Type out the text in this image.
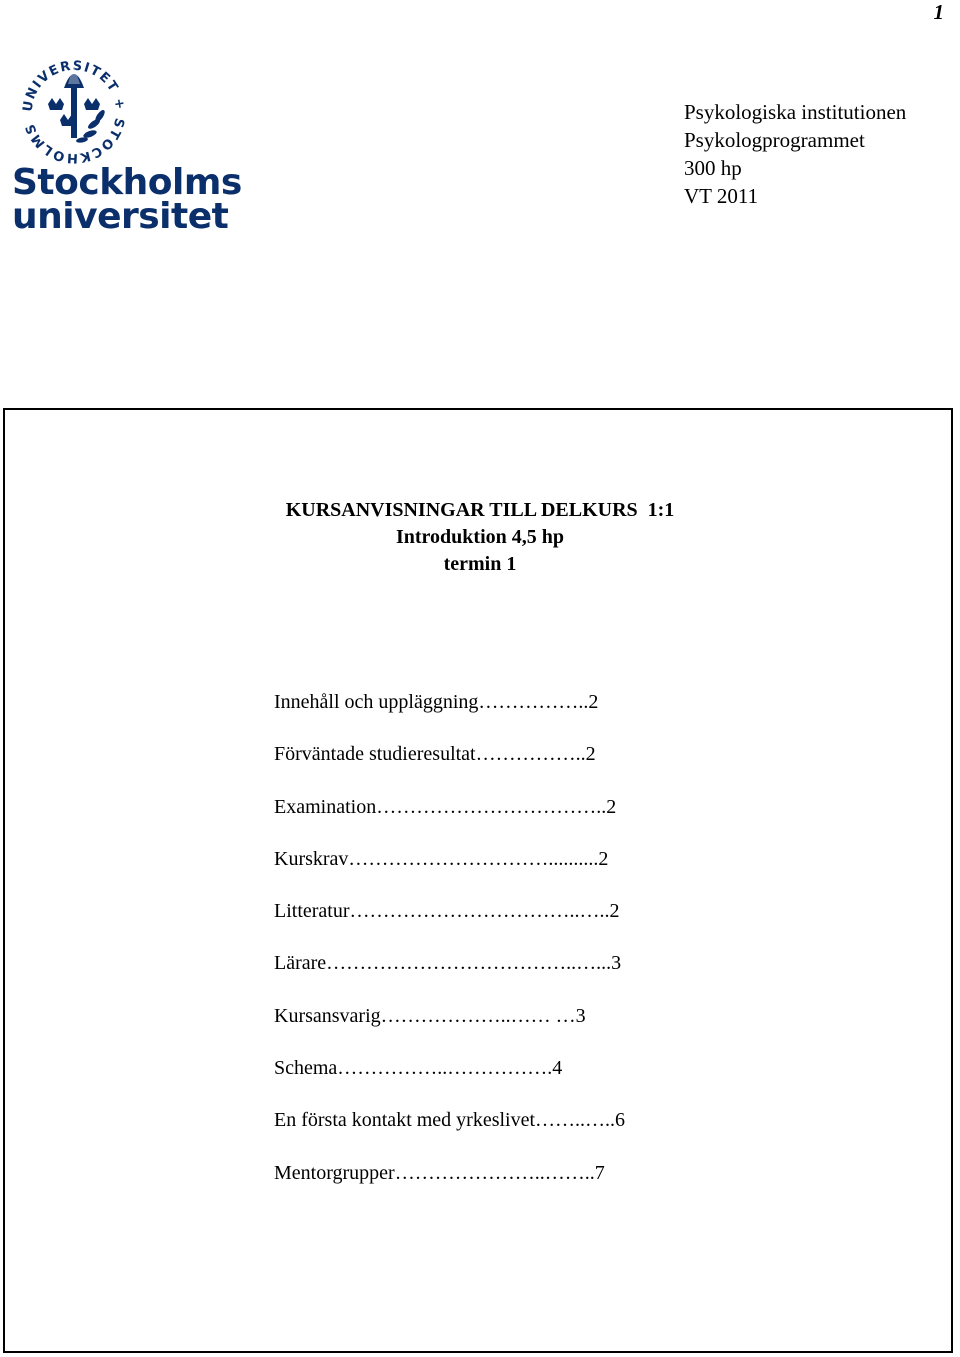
1
UNIVERSITET + STOCKHOLMS
Stockholms
universitet
Psykologiska institutionen
Psykologprogrammet
300 hp
VT 2011
KURSANVISNINGAR TILL DELKURS  1:1
Introduktion 4,5 hp
termin 1
Innehåll och uppläggning……………..2
Förväntade studieresultat……………..2
Examination……………………………..2
Kurskrav…………………………..........2
Litteratur……………………………..…..2
Lärare………………………………..…...3
Kursansvarig………………..…… …3
Schema……………..…………….4
En första kontakt med yrkeslivet……..…..6
Mentorgrupper…………………..……..7
